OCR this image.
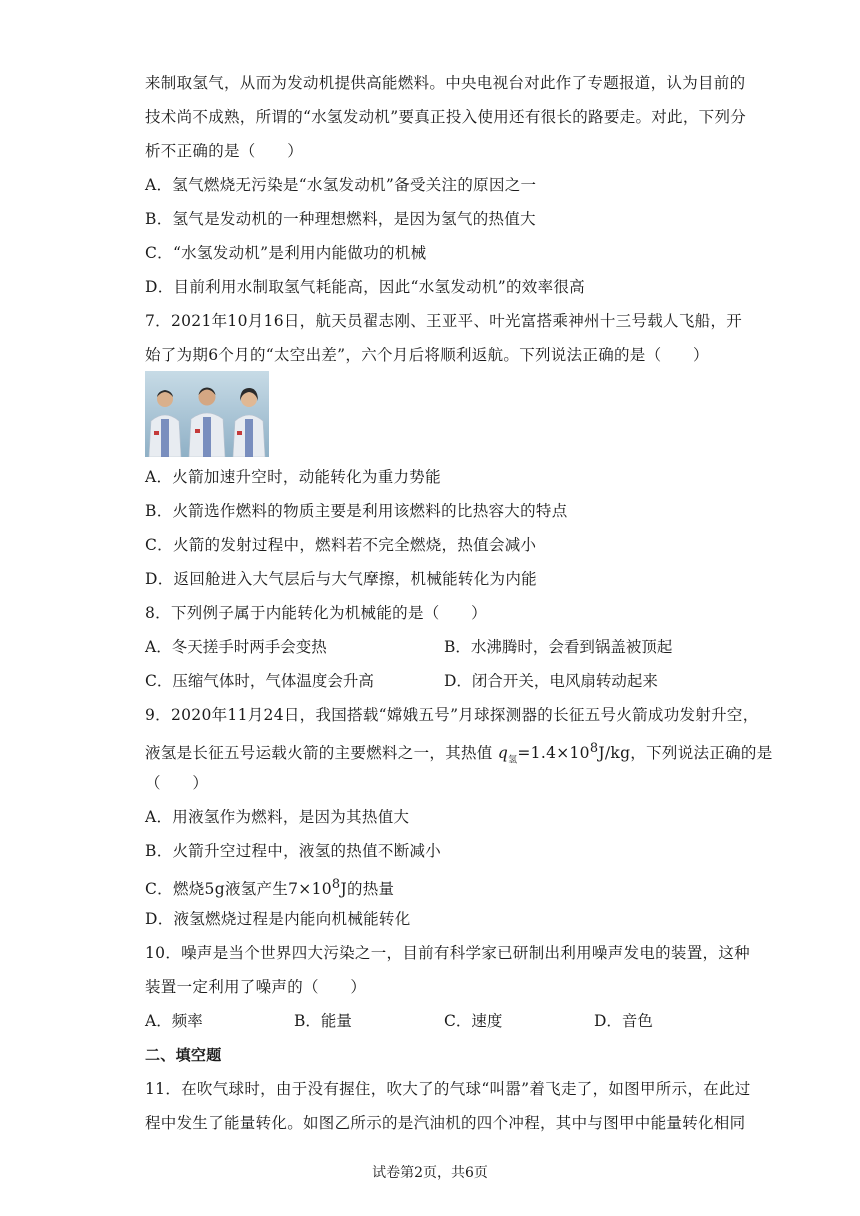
来制取氢气，从而为发动机提供高能燃料。中央电视台对此作了专题报道，认为目前的
技术尚不成熟，所谓的“水氢发动机”要真正投入使用还有很长的路要走。对此，下列分
析不正确的是（　　）
A．氢气燃烧无污染是“水氢发动机”备受关注的原因之一
B．氢气是发动机的一种理想燃料，是因为氢气的热值大
C．“水氢发动机”是利用内能做功的机械
D．目前利用水制取氢气耗能高，因此“水氢发动机”的效率很高
7．2021年10月16日，航天员翟志刚、王亚平、叶光富搭乘神州十三号载人飞船，开
始了为期6个月的“太空出差”，六个月后将顺利返航。下列说法正确的是（　　）
A．火箭加速升空时，动能转化为重力势能
B．火箭选作燃料的物质主要是利用该燃料的比热容大的特点
C．火箭的发射过程中，燃料若不完全燃烧，热值会减小
D．返回舱进入大气层后与大气摩擦，机械能转化为内能
8．下列例子属于内能转化为机械能的是（　　）
A．冬天搓手时两手会变热	B．水沸腾时，会看到锅盖被顶起
C．压缩气体时，气体温度会升高	D．闭合开关，电风扇转动起来
9．2020年11月24日，我国搭载“嫦娥五号”月球探测器的长征五号火箭成功发射升空，
液氢是长征五号运载火箭的主要燃料之一，其热值 $q_氢=1.4\times 10^8J/kg$，下列说法正确的是
（　　）
A．用液氢作为燃料，是因为其热值大
B．火箭升空过程中，液氢的热值不断减小
C．燃烧5g液氢产生$7\times 10^8J$的热量
D．液氢燃烧过程是内能向机械能转化
10．噪声是当个世界四大污染之一，目前有科学家已研制出利用噪声发电的装置，这种
装置一定利用了噪声的（　　）
A．频率	B．能量	C．速度	D．音色
二、填空题
11．在吹气球时，由于没有握住，吹大了的气球“叫嚣”着飞走了，如图甲所示，在此过
程中发生了能量转化。如图乙所示的是汽油机的四个冲程，其中与图甲中能量转化相同
试卷第2页，共6页
